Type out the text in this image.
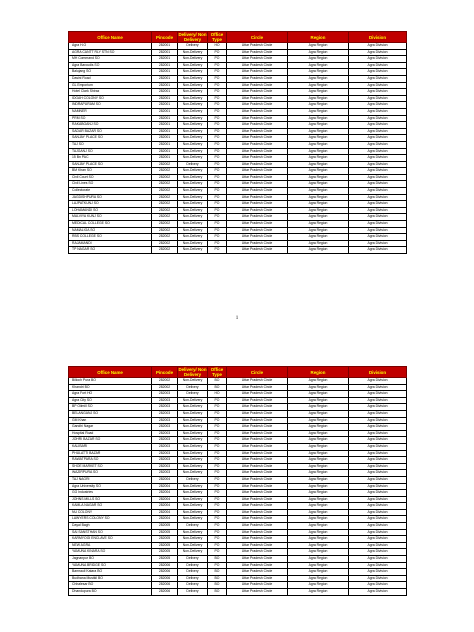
Office Name	Pincode	Delivery/ Non Delivery	Office Type	Circle	Region	Division
Agra H.O	282001	Delivery	HO	Uttar Pradesh Circle	Agra Region	Agra Division
AGRA CANTT RLY STN SO	282001	Non-Delivery	PO	Uttar Pradesh Circle	Agra Region	Agra Division
MH Command SO	282001	Non-Delivery	PO	Uttar Pradesh Circle	Agra Region	Agra Division
Agra Baroudis SO	282001	Non-Delivery	PO	Uttar Pradesh Circle	Agra Region	Agra Division
Balujang SO	282001	Non-Delivery	PO	Uttar Pradesh Circle	Agra Region	Agra Division
Dasini Road	282001	Non-Delivery	PO	Uttar Pradesh Circle	Agra Region	Agra Division
GL Emporium	282001	Non-Delivery	PO	Uttar Pradesh Circle	Agra Region	Agra Division
Hotel Clark Shiraz	282001	Non-Delivery	PO	Uttar Pradesh Circle	Agra Region	Agra Division
IDGAH COLONY SO	282001	Non-Delivery	PO	Uttar Pradesh Circle	Agra Region	Agra Division
INDRAPURAM SO	282001	Non-Delivery	PO	Uttar Pradesh Circle	Agra Region	Agra Division
NAMNER	282001	Non-Delivery	PO	Uttar Pradesh Circle	Agra Region	Agra Division
PRM SO	282001	Non-Delivery	PO	Uttar Pradesh Circle	Agra Region	Agra Division
RAKABGANJ SO	282001	Non-Delivery	PO	Uttar Pradesh Circle	Agra Region	Agra Division
SADAR BAZAR SO	282001	Non-Delivery	PO	Uttar Pradesh Circle	Agra Region	Agra Division
SANJAY PLACE SO	282001	Non-Delivery	PO	Uttar Pradesh Circle	Agra Region	Agra Division
TAJ SO	282001	Non-Delivery	PO	Uttar Pradesh Circle	Agra Region	Agra Division
TAJGANJ SO	282001	Non-Delivery	PO	Uttar Pradesh Circle	Agra Region	Agra Division
15 Bn PAC	282001	Non-Delivery	PO	Uttar Pradesh Circle	Agra Region	Agra Division
SANJAY PLACE SO	282002	Delivery	PO	Uttar Pradesh Circle	Agra Region	Agra Division
BM Khan SO	282002	Non-Delivery	PO	Uttar Pradesh Circle	Agra Region	Agra Division
Civil Court SO	282002	Non-Delivery	PO	Uttar Pradesh Circle	Agra Region	Agra Division
Civil Lines SO	282002	Non-Delivery	PO	Uttar Pradesh Circle	Agra Region	Agra Division
Collectorate	282002	Non-Delivery	PO	Uttar Pradesh Circle	Agra Region	Agra Division
JAGDISHPURA SO	282002	Non-Delivery	PO	Uttar Pradesh Circle	Agra Region	Agra Division
LAJPATKUNJ SO	282002	Non-Delivery	PO	Uttar Pradesh Circle	Agra Region	Agra Division
LOHAMANDI SO	282002	Non-Delivery	PO	Uttar Pradesh Circle	Agra Region	Agra Division
MALVIYA KUNJ SO	282002	Non-Delivery	PO	Uttar Pradesh Circle	Agra Region	Agra Division
MEDICAL COLLEGE SO	282002	Non-Delivery	PO	Uttar Pradesh Circle	Agra Region	Agra Division
NAMALIGA SO	282002	Non-Delivery	PO	Uttar Pradesh Circle	Agra Region	Agra Division
RBS COLLEGE SO	282002	Non-Delivery	PO	Uttar Pradesh Circle	Agra Region	Agra Division
RAJAMANDI	282002	Non-Delivery	PO	Uttar Pradesh Circle	Agra Region	Agra Division
TP NAGAR SO	282002	Non-Delivery	PO	Uttar Pradesh Circle	Agra Region	Agra Division
1
Office Name	Pincode	Delivery/ Non Delivery	Office Type	Circle	Region	Division
Billoch Pura BO	282002	Non-Delivery	BO	Uttar Pradesh Circle	Agra Region	Agra Division
Khandri BO	282002	Delivery	BO	Uttar Pradesh Circle	Agra Region	Agra Division
Agra Fort HO	282003	Delivery	HO	Uttar Pradesh Circle	Agra Region	Agra Division
Agra City SO	282003	Non-Delivery	PO	Uttar Pradesh Circle	Agra Region	Agra Division
BP Oilmill SO	282003	Non-Delivery	PO	Uttar Pradesh Circle	Agra Region	Agra Division
BELANGANJ SO	282003	Non-Delivery	PO	Uttar Pradesh Circle	Agra Region	Agra Division
GM Khan	282003	Non-Delivery	PO	Uttar Pradesh Circle	Agra Region	Agra Division
Gandhi Nagar	282003	Non-Delivery	PO	Uttar Pradesh Circle	Agra Region	Agra Division
Hospital Road	282003	Non-Delivery	PO	Uttar Pradesh Circle	Agra Region	Agra Division
JOHRI BAZAR SO	282003	Non-Delivery	PO	Uttar Pradesh Circle	Agra Region	Agra Division
KALIBARI	282003	Non-Delivery	PO	Uttar Pradesh Circle	Agra Region	Agra Division
PHULATTI BAZAR	282003	Non-Delivery	PO	Uttar Pradesh Circle	Agra Region	Agra Division
RAWATPARA SO	282003	Non-Delivery	PO	Uttar Pradesh Circle	Agra Region	Agra Division
SHOE MARKET SO	282003	Non-Delivery	PO	Uttar Pradesh Circle	Agra Region	Agra Division
WAZIRPURA SO	282003	Non-Delivery	PO	Uttar Pradesh Circle	Agra Region	Agra Division
TAJ NAGRI	282004	Delivery	PO	Uttar Pradesh Circle	Agra Region	Agra Division
Agra University SO	282004	Non-Delivery	PO	Uttar Pradesh Circle	Agra Region	Agra Division
GG Industries	282004	Non-Delivery	PO	Uttar Pradesh Circle	Agra Region	Agra Division
JOHNS MILLS SO	282004	Non-Delivery	PO	Uttar Pradesh Circle	Agra Region	Agra Division
KAMLA NAGAR SO	282004	Non-Delivery	PO	Uttar Pradesh Circle	Agra Region	Agra Division
NU COLONY	282004	Non-Delivery	PO	Uttar Pradesh Circle	Agra Region	Agra Division
LAWYERS COLONY SO	282004	Non-Delivery	PO	Uttar Pradesh Circle	Agra Region	Agra Division
Dayal Bagh	282005	Delivery	PO	Uttar Pradesh Circle	Agra Region	Agra Division
SAI SANSTHAN SO	282005	Non-Delivery	PO	Uttar Pradesh Circle	Agra Region	Agra Division
KARMYOGI ENCLAVE SO	282005	Non-Delivery	PO	Uttar Pradesh Circle	Agra Region	Agra Division
NEW AGRA	282005	Non-Delivery	PO	Uttar Pradesh Circle	Agra Region	Agra Division
YAMUNA KINARA SO	282005	Non-Delivery	PO	Uttar Pradesh Circle	Agra Region	Agra Division
Jagnanpur BO	282005	Delivery	BO	Uttar Pradesh Circle	Agra Region	Agra Division
YAMUNA BRIDGE SO	282006	Delivery	PO	Uttar Pradesh Circle	Agra Region	Agra Division
Bamrauli Katara BO	282006	Delivery	BO	Uttar Pradesh Circle	Agra Region	Agra Division
Budhana Mustkil BO	282006	Delivery	BO	Uttar Pradesh Circle	Agra Region	Agra Division
Chhalesar BO	282006	Delivery	BO	Uttar Pradesh Circle	Agra Region	Agra Division
Dhandupura BO	282006	Delivery	BO	Uttar Pradesh Circle	Agra Region	Agra Division
